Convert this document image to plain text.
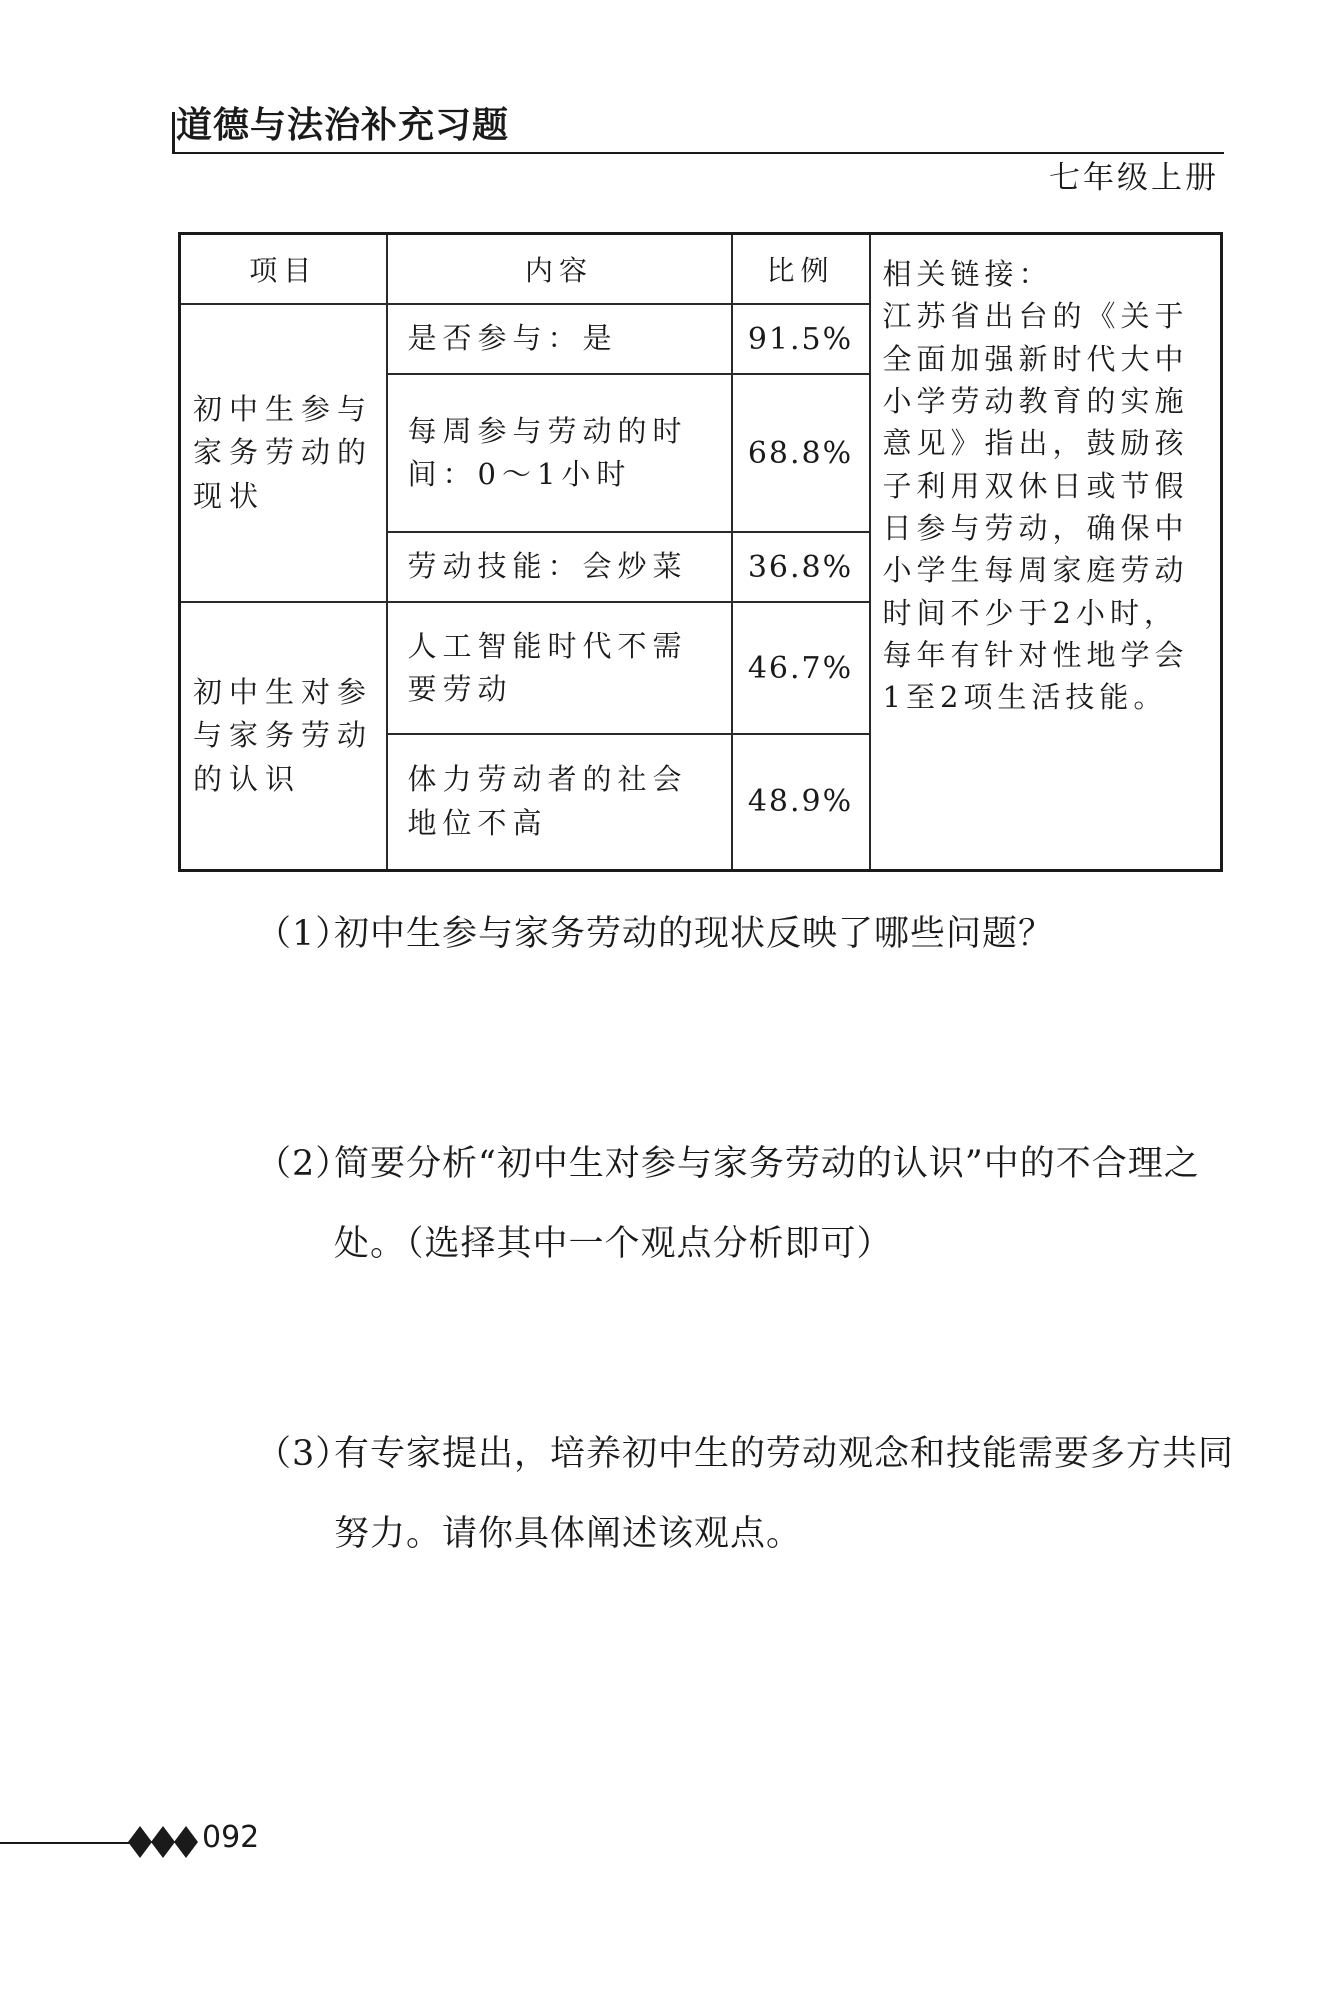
道德与法治补充习题
七年级上册
项目	内容	比例	相关链接：
江苏省出台的《关于全面加强新时代大中小学劳动教育的实施意见》指出，鼓励孩子利用双休日或节假日参与劳动，确保中小学生每周家庭劳动时间不少于2小时，每年有针对性地学会1至2项生活技能。
初中生参与家务劳动的现状	是否参与：是	91.5%	
	每周参与劳动的时间：0～1小时	68.8%	
	劳动技能：会炒菜	36.8%	
初中生对参与家务劳动的认识	人工智能时代不需要劳动	46.7%	
	体力劳动者的社会地位不高	48.9%	
（1）
初中生参与家务劳动的现状反映了哪些问题？
（2）
简要分析“初中生对参与家务劳动的认识”中的不合理之处。（选择其中一个观点分析即可）
（3）
有专家提出，培养初中生的劳动观念和技能需要多方共同努力。请你具体阐述该观点。
092
